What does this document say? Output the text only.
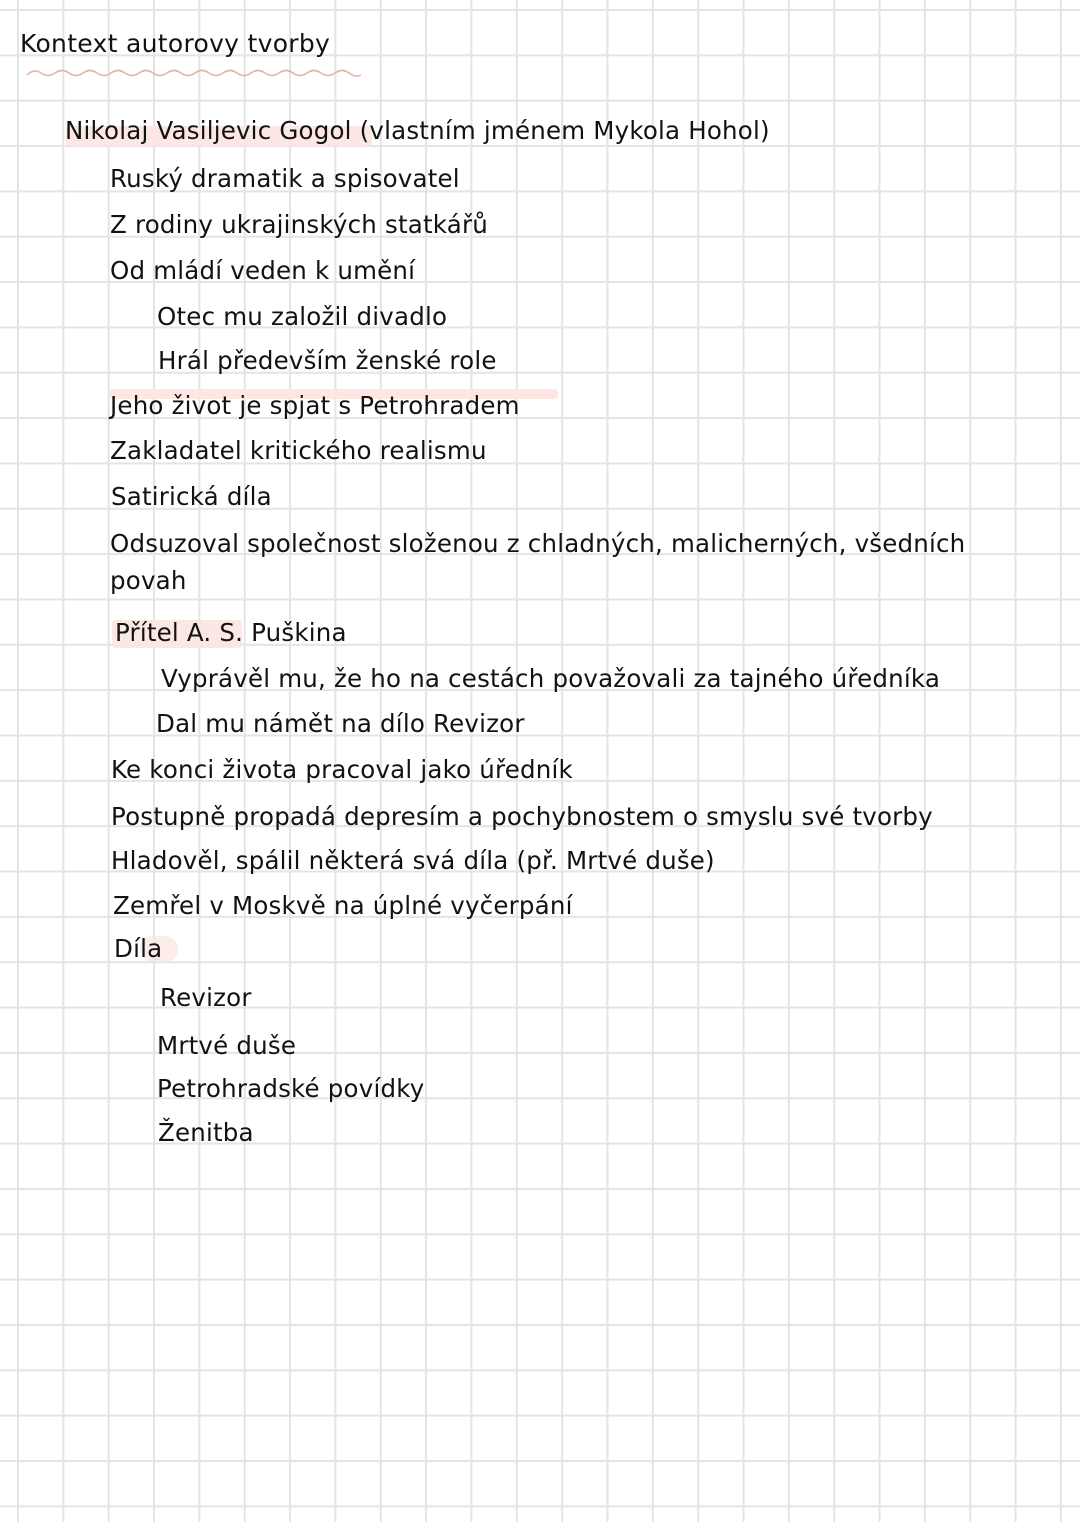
Kontext autorovy tvorby
Nikolaj Vasiljevic Gogol (vlastním jménem Mykola Hohol)
Ruský dramatik a spisovatel
Z rodiny ukrajinských statkářů
Od mládí veden k umění
Otec mu založil divadlo
Hrál především ženské role
Jeho život je spjat s Petrohradem
Zakladatel kritického realismu
Satirická díla
Odsuzoval společnost složenou z chladných, malicherných, všedních
povah
Přítel A. S. Puškina
Vyprávěl mu, že ho na cestách považovali za tajného úředníka
Dal mu námět na dílo Revizor
Ke konci života pracoval jako úředník
Postupně propadá depresím a pochybnostem o smyslu své tvorby
Hladověl, spálil některá svá díla (př. Mrtvé duše)
Zemřel v Moskvě na úplné vyčerpání
Díla
Revizor
Mrtvé duše
Petrohradské povídky
Ženitba
